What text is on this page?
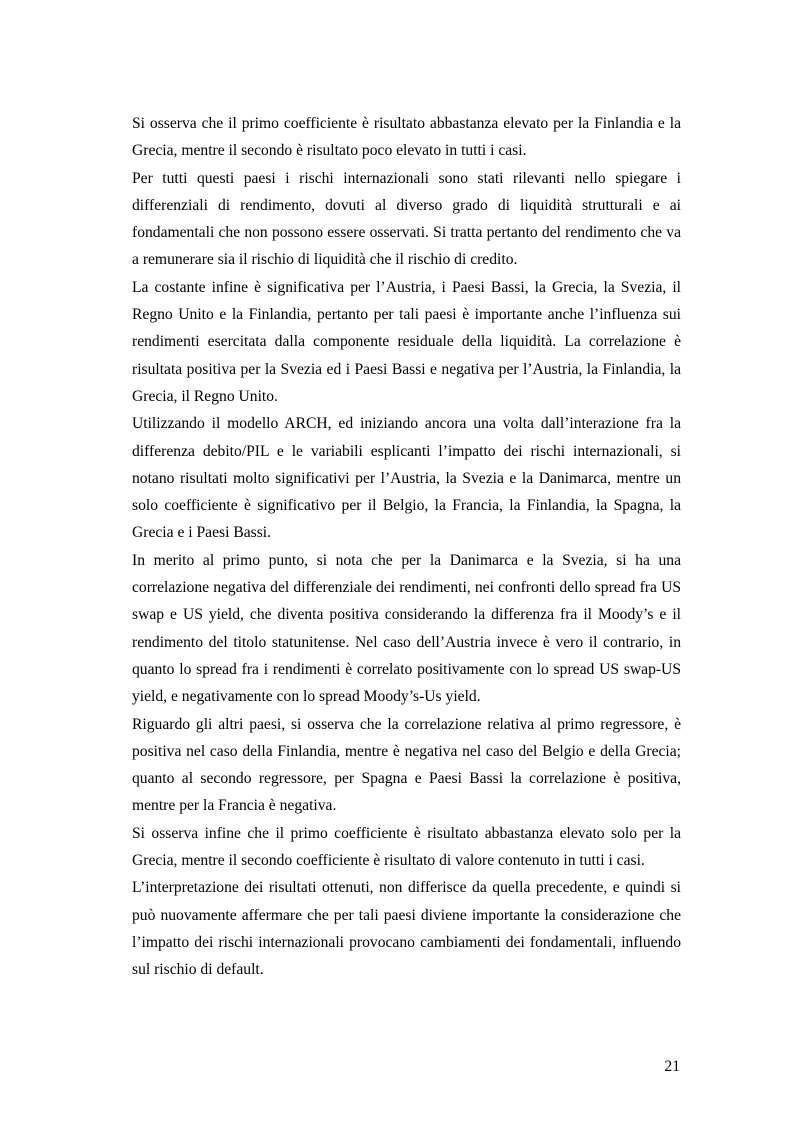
Si osserva che il primo coefficiente è risultato abbastanza elevato per la Finlandia e la Grecia, mentre il secondo è risultato poco elevato in tutti i casi.

Per tutti questi paesi i rischi internazionali sono stati rilevanti nello spiegare i differenziali di rendimento, dovuti al diverso grado di liquidità strutturali e ai fondamentali che non possono essere osservati. Si tratta pertanto del rendimento che va a remunerare sia il rischio di liquidità che il rischio di credito.

La costante infine è significativa per l’Austria, i Paesi Bassi, la Grecia, la Svezia, il Regno Unito e la Finlandia, pertanto per tali paesi è importante anche l’influenza sui rendimenti esercitata dalla componente residuale della liquidità. La correlazione è risultata positiva per la Svezia ed i Paesi Bassi e negativa per l’Austria, la Finlandia, la Grecia, il Regno Unito.

Utilizzando il modello ARCH, ed iniziando ancora una volta dall’interazione fra la differenza debito/PIL e le variabili esplicanti l’impatto dei rischi internazionali, si notano risultati molto significativi per l’Austria, la Svezia e la Danimarca, mentre un solo coefficiente è significativo per il Belgio, la Francia, la Finlandia, la Spagna, la Grecia e i Paesi Bassi.

In merito al primo punto, si nota che per la Danimarca e la Svezia, si ha una correlazione negativa del differenziale dei rendimenti, nei confronti dello spread fra US swap e US yield, che diventa positiva considerando la differenza fra il Moody’s e il rendimento del titolo statunitense. Nel caso dell’Austria invece è vero il contrario, in quanto lo spread fra i rendimenti è correlato positivamente con lo spread US swap-US yield, e negativamente con lo spread Moody’s-Us yield.

Riguardo gli altri paesi, si osserva che la correlazione relativa al primo regressore, è positiva nel caso della Finlandia, mentre è negativa nel caso del Belgio e della Grecia; quanto al secondo regressore, per Spagna e Paesi Bassi la correlazione è positiva, mentre per la Francia è negativa.

Si osserva infine che il primo coefficiente è risultato abbastanza elevato solo per la Grecia, mentre il secondo coefficiente è risultato di valore contenuto in tutti i casi.

L’interpretazione dei risultati ottenuti, non differisce da quella precedente, e quindi si può nuovamente affermare che per tali paesi diviene importante la considerazione che l’impatto dei rischi internazionali provocano cambiamenti dei fondamentali, influendo sul rischio di default.

21
